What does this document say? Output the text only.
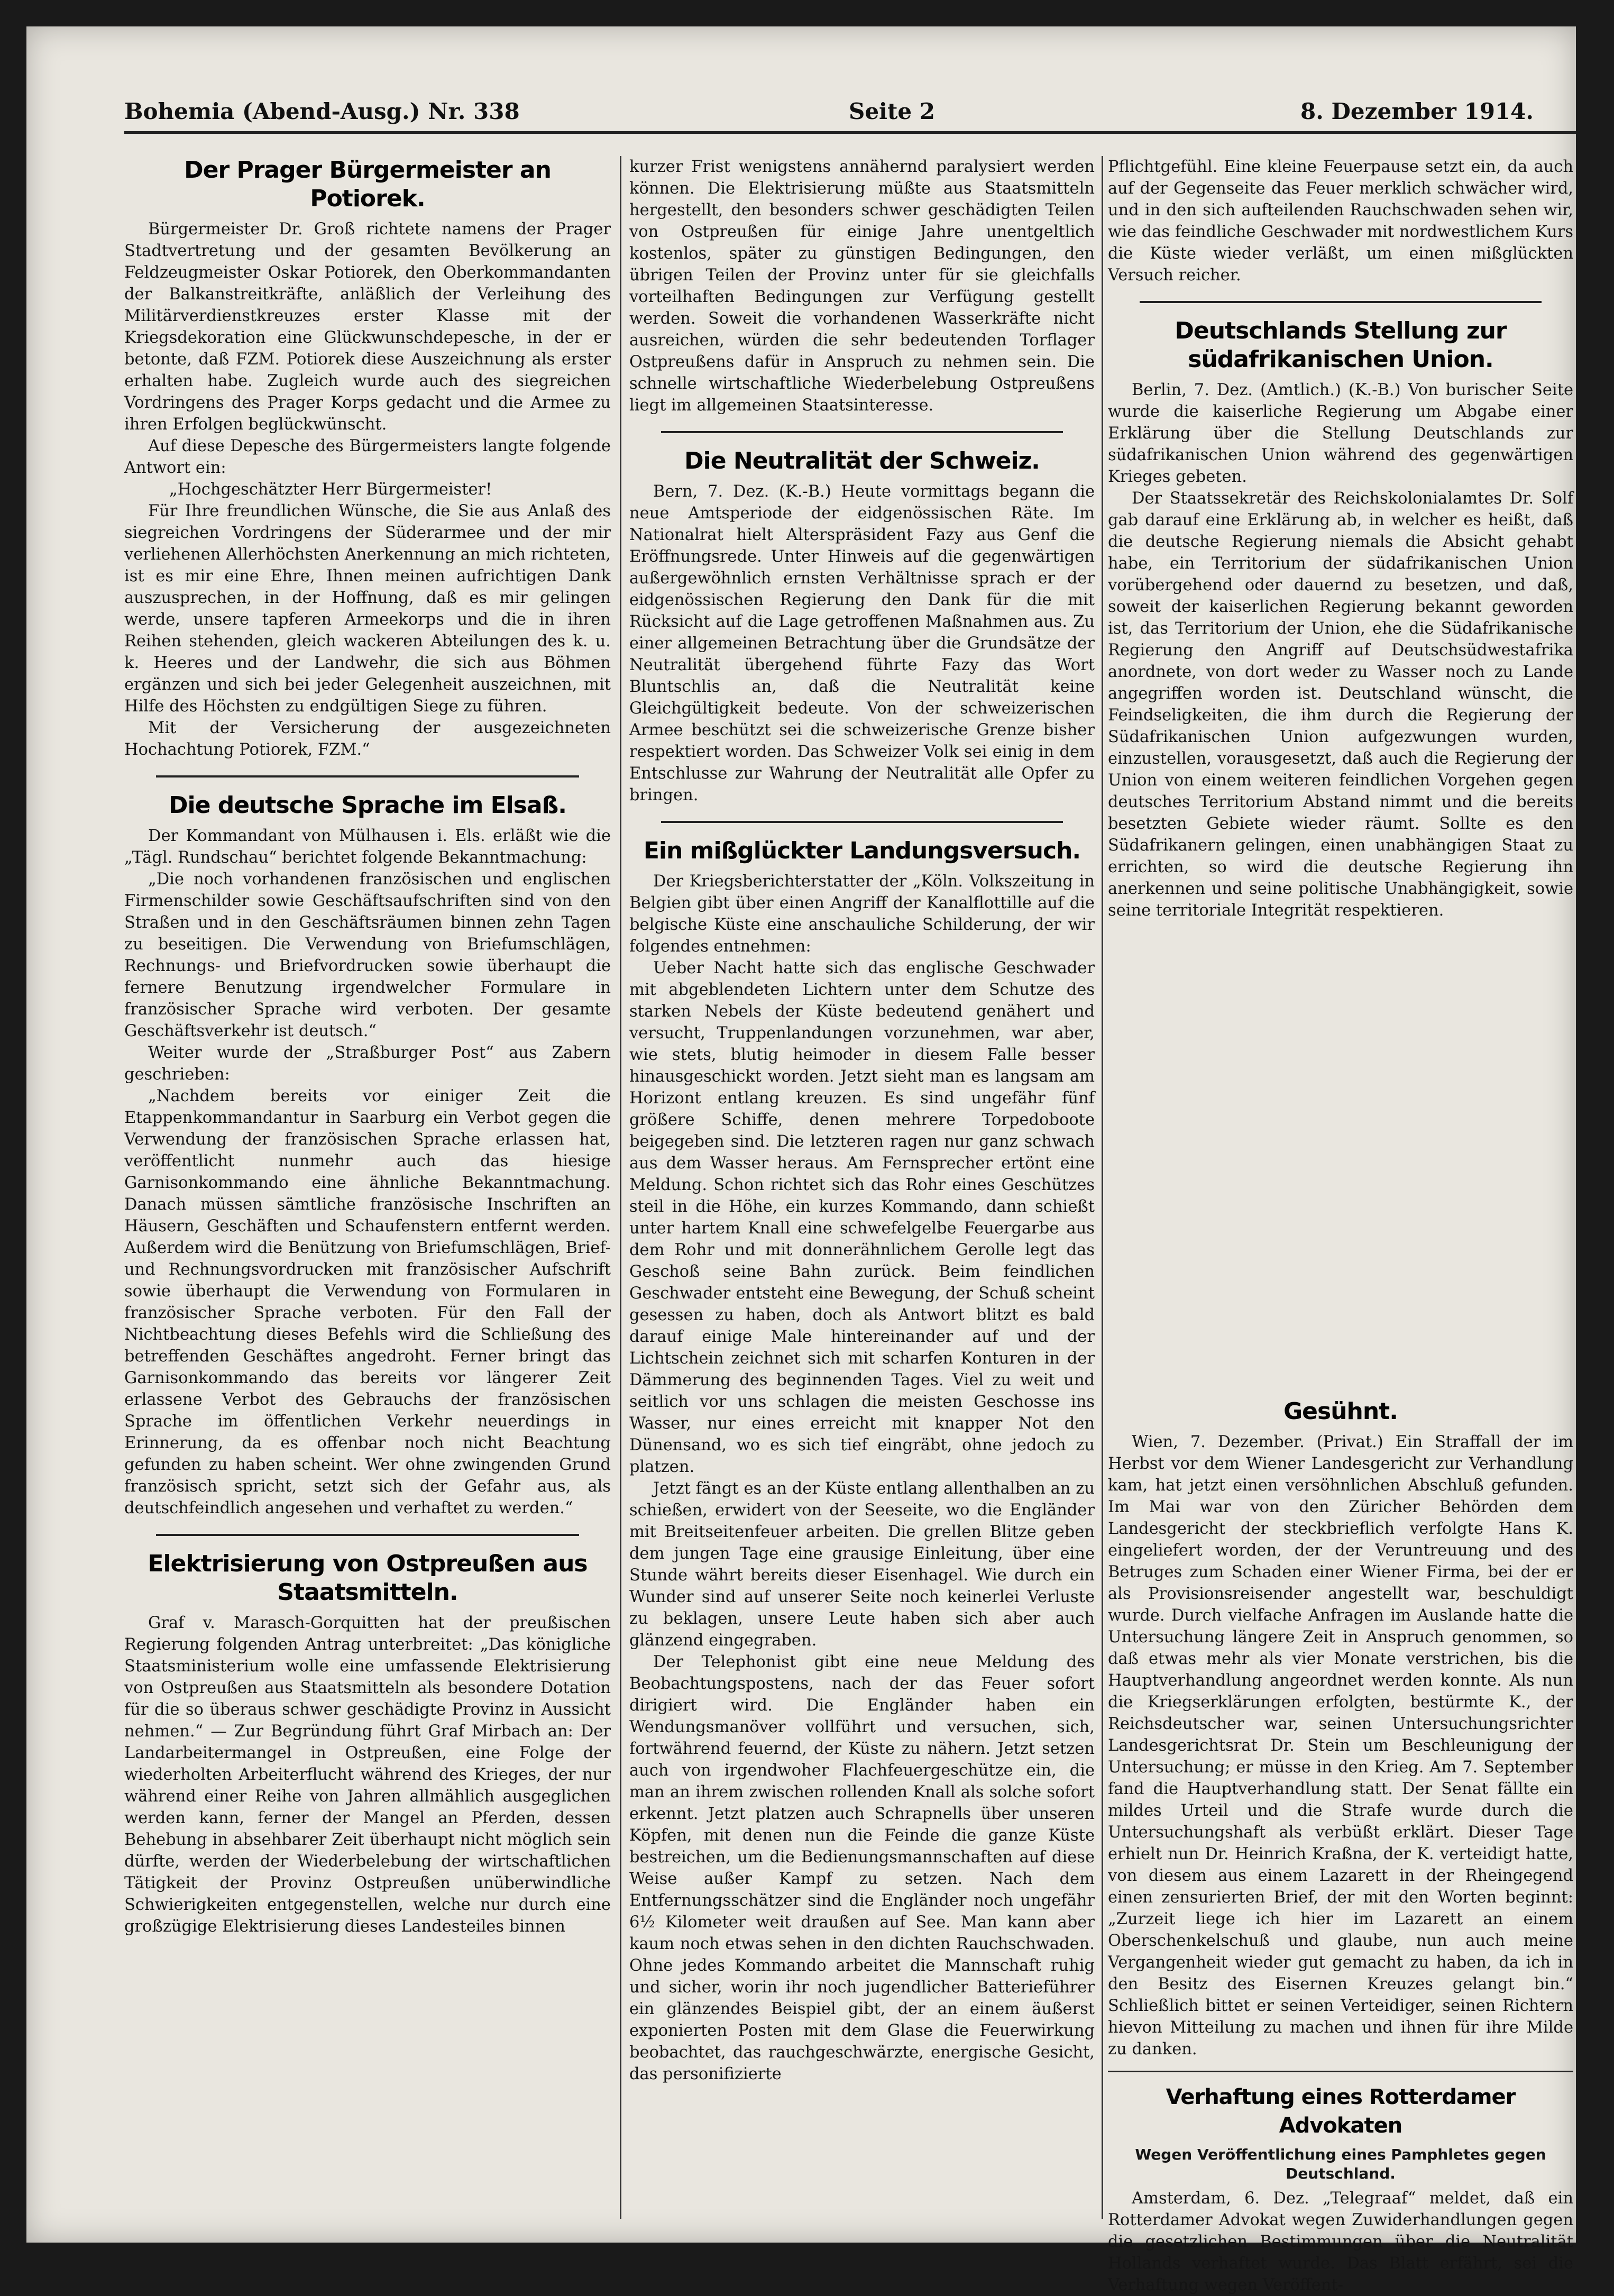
Bohemia (Abend-Ausg.) Nr. 338	Seite 2	8. Dezember 1914.
Der Prager Bürgermeister an Potiorek.

Bürgermeister Dr. Groß richtete namens der Prager Stadtvertretung und der gesamten Bevölkerung an Feldzeugmeister Oskar Potiorek, den Oberkommandanten der Balkanstreitkräfte, anläßlich der Verleihung des Militärverdienstkreuzes erster Klasse mit der Kriegsdekoration eine Glückwunschdepesche, in der er betonte, daß FZM. Potiorek diese Auszeichnung als erster erhalten habe. Zugleich wurde auch des siegreichen Vordringens des Prager Korps gedacht und die Armee zu ihren Erfolgen beglückwünscht.

Auf diese Depesche des Bürgermeisters langte folgende Antwort ein:

„Hochgeschätzter Herr Bürgermeister!

Für Ihre freundlichen Wünsche, die Sie aus Anlaß des siegreichen Vordringens der Süderarmee und der mir verliehenen Allerhöchsten Anerkennung an mich richteten, ist es mir eine Ehre, Ihnen meinen aufrichtigen Dank auszusprechen, in der Hoffnung, daß es mir gelingen werde, unsere tapferen Armeekorps und die in ihren Reihen stehenden, gleich wackeren Abteilungen des k. u. k. Heeres und der Landwehr, die sich aus Böhmen ergänzen und sich bei jeder Gelegenheit auszeichnen, mit Hilfe des Höchsten zu endgültigen Siege zu führen.

Mit der Versicherung der ausgezeichneten Hochachtung Potiorek, FZM.“

Die deutsche Sprache im Elsaß.

Der Kommandant von Mülhausen i. Els. erläßt wie die „Tägl. Rundschau“ berichtet folgende Bekanntmachung:

„Die noch vorhandenen französischen und englischen Firmenschilder sowie Geschäftsaufschriften sind von den Straßen und in den Geschäftsräumen binnen zehn Tagen zu beseitigen. Die Verwendung von Briefumschlägen, Rechnungs- und Briefvordrucken sowie überhaupt die fernere Benutzung irgendwelcher Formulare in französischer Sprache wird verboten. Der gesamte Geschäftsverkehr ist deutsch.“

Weiter wurde der „Straßburger Post“ aus Zabern geschrieben:

„Nachdem bereits vor einiger Zeit die Etappenkommandantur in Saarburg ein Verbot gegen die Verwendung der französischen Sprache erlassen hat, veröffentlicht nunmehr auch das hiesige Garnisonkommando eine ähnliche Bekanntmachung. Danach müssen sämtliche französische Inschriften an Häusern, Geschäften und Schaufenstern entfernt werden. Außerdem wird die Benützung von Briefumschlägen, Brief- und Rechnungsvordrucken mit französischer Aufschrift sowie überhaupt die Verwendung von Formularen in französischer Sprache verboten. Für den Fall der Nichtbeachtung dieses Befehls wird die Schließung des betreffenden Geschäftes angedroht. Ferner bringt das Garnisonkommando das bereits vor längerer Zeit erlassene Verbot des Gebrauchs der französischen Sprache im öffentlichen Verkehr neuerdings in Erinnerung, da es offenbar noch nicht Beachtung gefunden zu haben scheint. Wer ohne zwingenden Grund französisch spricht, setzt sich der Gefahr aus, als deutschfeindlich angesehen und verhaftet zu werden.“

Elektrisierung von Ostpreußen aus Staatsmitteln.

Graf v. Marasch-Gorquitten hat der preußischen Regierung folgenden Antrag unterbreitet: „Das königliche Staatsministerium wolle eine umfassende Elektrisierung von Ostpreußen aus Staatsmitteln als besondere Dotation für die so überaus schwer geschädigte Provinz in Aussicht nehmen.“ — Zur Begründung führt Graf Mirbach an: Der Landarbeitermangel in Ostpreußen, eine Folge der wiederholten Arbeiterflucht während des Krieges, der nur während einer Reihe von Jahren allmählich ausgeglichen werden kann, ferner der Mangel an Pferden, dessen Behebung in absehbarer Zeit überhaupt nicht möglich sein dürfte, werden der Wiederbelebung der wirtschaftlichen Tätigkeit der Provinz Ostpreußen unüberwindliche Schwierigkeiten entgegenstellen, welche nur durch eine großzügige Elektrisierung dieses Landesteiles binnen

kurzer Frist wenigstens annähernd paralysiert werden können. Die Elektrisierung müßte aus Staatsmitteln hergestellt, den besonders schwer geschädigten Teilen von Ostpreußen für einige Jahre unentgeltlich kostenlos, später zu günstigen Bedingungen, den übrigen Teilen der Provinz unter für sie gleichfalls vorteilhaften Bedingungen zur Verfügung gestellt werden. Soweit die vorhandenen Wasserkräfte nicht ausreichen, würden die sehr bedeutenden Torflager Ostpreußens dafür in Anspruch zu nehmen sein. Die schnelle wirtschaftliche Wiederbelebung Ostpreußens liegt im allgemeinen Staatsinteresse.

Die Neutralität der Schweiz.

Bern, 7. Dez. (K.-B.) Heute vormittags begann die neue Amtsperiode der eidgenössischen Räte. Im Nationalrat hielt Alterspräsident Fazy aus Genf die Eröffnungsrede. Unter Hinweis auf die gegenwärtigen außergewöhnlich ernsten Verhältnisse sprach er der eidgenössischen Regierung den Dank für die mit Rücksicht auf die Lage getroffenen Maßnahmen aus. Zu einer allgemeinen Betrachtung über die Grundsätze der Neutralität übergehend führte Fazy das Wort Bluntschlis an, daß die Neutralität keine Gleichgültigkeit bedeute. Von der schweizerischen Armee beschützt sei die schweizerische Grenze bisher respektiert worden. Das Schweizer Volk sei einig in dem Entschlusse zur Wahrung der Neutralität alle Opfer zu bringen.

Ein mißglückter Landungsversuch.

Der Kriegsberichterstatter der „Köln. Volkszeitung in Belgien gibt über einen Angriff der Kanalflottille auf die belgische Küste eine anschauliche Schilderung, der wir folgendes entnehmen:

Ueber Nacht hatte sich das englische Geschwader mit abgeblendeten Lichtern unter dem Schutze des starken Nebels der Küste bedeutend genähert und versucht, Truppenlandungen vorzunehmen, war aber, wie stets, blutig heimoder in diesem Falle besser hinausgeschickt worden. Jetzt sieht man es langsam am Horizont entlang kreuzen. Es sind ungefähr fünf größere Schiffe, denen mehrere Torpedoboote beigegeben sind. Die letzteren ragen nur ganz schwach aus dem Wasser heraus. Am Fernsprecher ertönt eine Meldung. Schon richtet sich das Rohr eines Geschützes steil in die Höhe, ein kurzes Kommando, dann schießt unter hartem Knall eine schwefelgelbe Feuergarbe aus dem Rohr und mit donnerähnlichem Gerolle legt das Geschoß seine Bahn zurück. Beim feindlichen Geschwader entsteht eine Bewegung, der Schuß scheint gesessen zu haben, doch als Antwort blitzt es bald darauf einige Male hintereinander auf und der Lichtschein zeichnet sich mit scharfen Konturen in der Dämmerung des beginnenden Tages. Viel zu weit und seitlich vor uns schlagen die meisten Geschosse ins Wasser, nur eines erreicht mit knapper Not den Dünensand, wo es sich tief eingräbt, ohne jedoch zu platzen.

Jetzt fängt es an der Küste entlang allenthalben an zu schießen, erwidert von der Seeseite, wo die Engländer mit Breitseitenfeuer arbeiten. Die grellen Blitze geben dem jungen Tage eine grausige Einleitung, über eine Stunde währt bereits dieser Eisenhagel. Wie durch ein Wunder sind auf unserer Seite noch keinerlei Verluste zu beklagen, unsere Leute haben sich aber auch glänzend eingegraben.

Der Telephonist gibt eine neue Meldung des Beobachtungspostens, nach der das Feuer sofort dirigiert wird. Die Engländer haben ein Wendungsmanöver vollführt und versuchen, sich, fortwährend feuernd, der Küste zu nähern. Jetzt setzen auch von irgendwoher Flachfeuergeschütze ein, die man an ihrem zwischen rollenden Knall als solche sofort erkennt. Jetzt platzen auch Schrapnells über unseren Köpfen, mit denen nun die Feinde die ganze Küste bestreichen, um die Bedienungsmannschaften auf diese Weise außer Kampf zu setzen. Nach dem Entfernungsschätzer sind die Engländer noch ungefähr 6½ Kilometer weit draußen auf See. Man kann aber kaum noch etwas sehen in den dichten Rauchschwaden. Ohne jedes Kommando arbeitet die Mannschaft ruhig und sicher, worin ihr noch jugendlicher Batterieführer ein glänzendes Beispiel gibt, der an einem äußerst exponierten Posten mit dem Glase die Feuerwirkung beobachtet, das rauchgeschwärzte, energische Gesicht, das personifizierte

Pflichtgefühl. Eine kleine Feuerpause setzt ein, da auch auf der Gegenseite das Feuer merklich schwächer wird, und in den sich aufteilenden Rauchschwaden sehen wir, wie das feindliche Geschwader mit nordwestlichem Kurs die Küste wieder verläßt, um einen mißglückten Versuch reicher.

Deutschlands Stellung zur südafrikanischen Union.

Berlin, 7. Dez. (Amtlich.) (K.-B.) Von burischer Seite wurde die kaiserliche Regierung um Abgabe einer Erklärung über die Stellung Deutschlands zur südafrikanischen Union während des gegenwärtigen Krieges gebeten.

Der Staatssekretär des Reichskolonialamtes Dr. Solf gab darauf eine Erklärung ab, in welcher es heißt, daß die deutsche Regierung niemals die Absicht gehabt habe, ein Territorium der südafrikanischen Union vorübergehend oder dauernd zu besetzen, und daß, soweit der kaiserlichen Regierung bekannt geworden ist, das Territorium der Union, ehe die Südafrikanische Regierung den Angriff auf Deutschsüdwestafrika anordnete, von dort weder zu Wasser noch zu Lande angegriffen worden ist. Deutschland wünscht, die Feindseligkeiten, die ihm durch die Regierung der Südafrikanischen Union aufgezwungen wurden, einzustellen, vorausgesetzt, daß auch die Regierung der Union von einem weiteren feindlichen Vorgehen gegen deutsches Territorium Abstand nimmt und die bereits besetzten Gebiete wieder räumt. Sollte es den Südafrikanern gelingen, einen unabhängigen Staat zu errichten, so wird die deutsche Regierung ihn anerkennen und seine politische Unabhängigkeit, sowie seine territoriale Integrität respektieren.

Gesühnt.

Wien, 7. Dezember. (Privat.) Ein Straffall der im Herbst vor dem Wiener Landesgericht zur Verhandlung kam, hat jetzt einen versöhnlichen Abschluß gefunden. Im Mai war von den Züricher Behörden dem Landesgericht der steckbrieflich verfolgte Hans K. eingeliefert worden, der der Veruntreuung und des Betruges zum Schaden einer Wiener Firma, bei der er als Provisionsreisender angestellt war, beschuldigt wurde. Durch vielfache Anfragen im Auslande hatte die Untersuchung längere Zeit in Anspruch genommen, so daß etwas mehr als vier Monate verstrichen, bis die Hauptverhandlung angeordnet werden konnte. Als nun die Kriegserklärungen erfolgten, bestürmte K., der Reichsdeutscher war, seinen Untersuchungsrichter Landesgerichtsrat Dr. Stein um Beschleunigung der Untersuchung; er müsse in den Krieg. Am 7. September fand die Hauptverhandlung statt. Der Senat fällte ein mildes Urteil und die Strafe wurde durch die Untersuchungshaft als verbüßt erklärt. Dieser Tage erhielt nun Dr. Heinrich Kraßna, der K. verteidigt hatte, von diesem aus einem Lazarett in der Rheingegend einen zensurierten Brief, der mit den Worten beginnt: „Zurzeit liege ich hier im Lazarett an einem Oberschenkelschuß und glaube, nun auch meine Vergangenheit wieder gut gemacht zu haben, da ich in den Besitz des Eisernen Kreuzes gelangt bin.“ Schließlich bittet er seinen Verteidiger, seinen Richtern hievon Mitteilung zu machen und ihnen für ihre Milde zu danken.

Verhaftung eines Rotterdamer Advokaten
Wegen Veröffentlichung eines Pamphletes gegen Deutschland.

Amsterdam, 6. Dez. „Telegraaf“ meldet, daß ein Rotterdamer Advokat wegen Zuwiderhandlungen gegen die gesetzlichen Bestimmungen über die Neutralität Hollands verhaftet wurde. Das Blatt erfährt, sei die Verhaftung wegen Veröffent-
